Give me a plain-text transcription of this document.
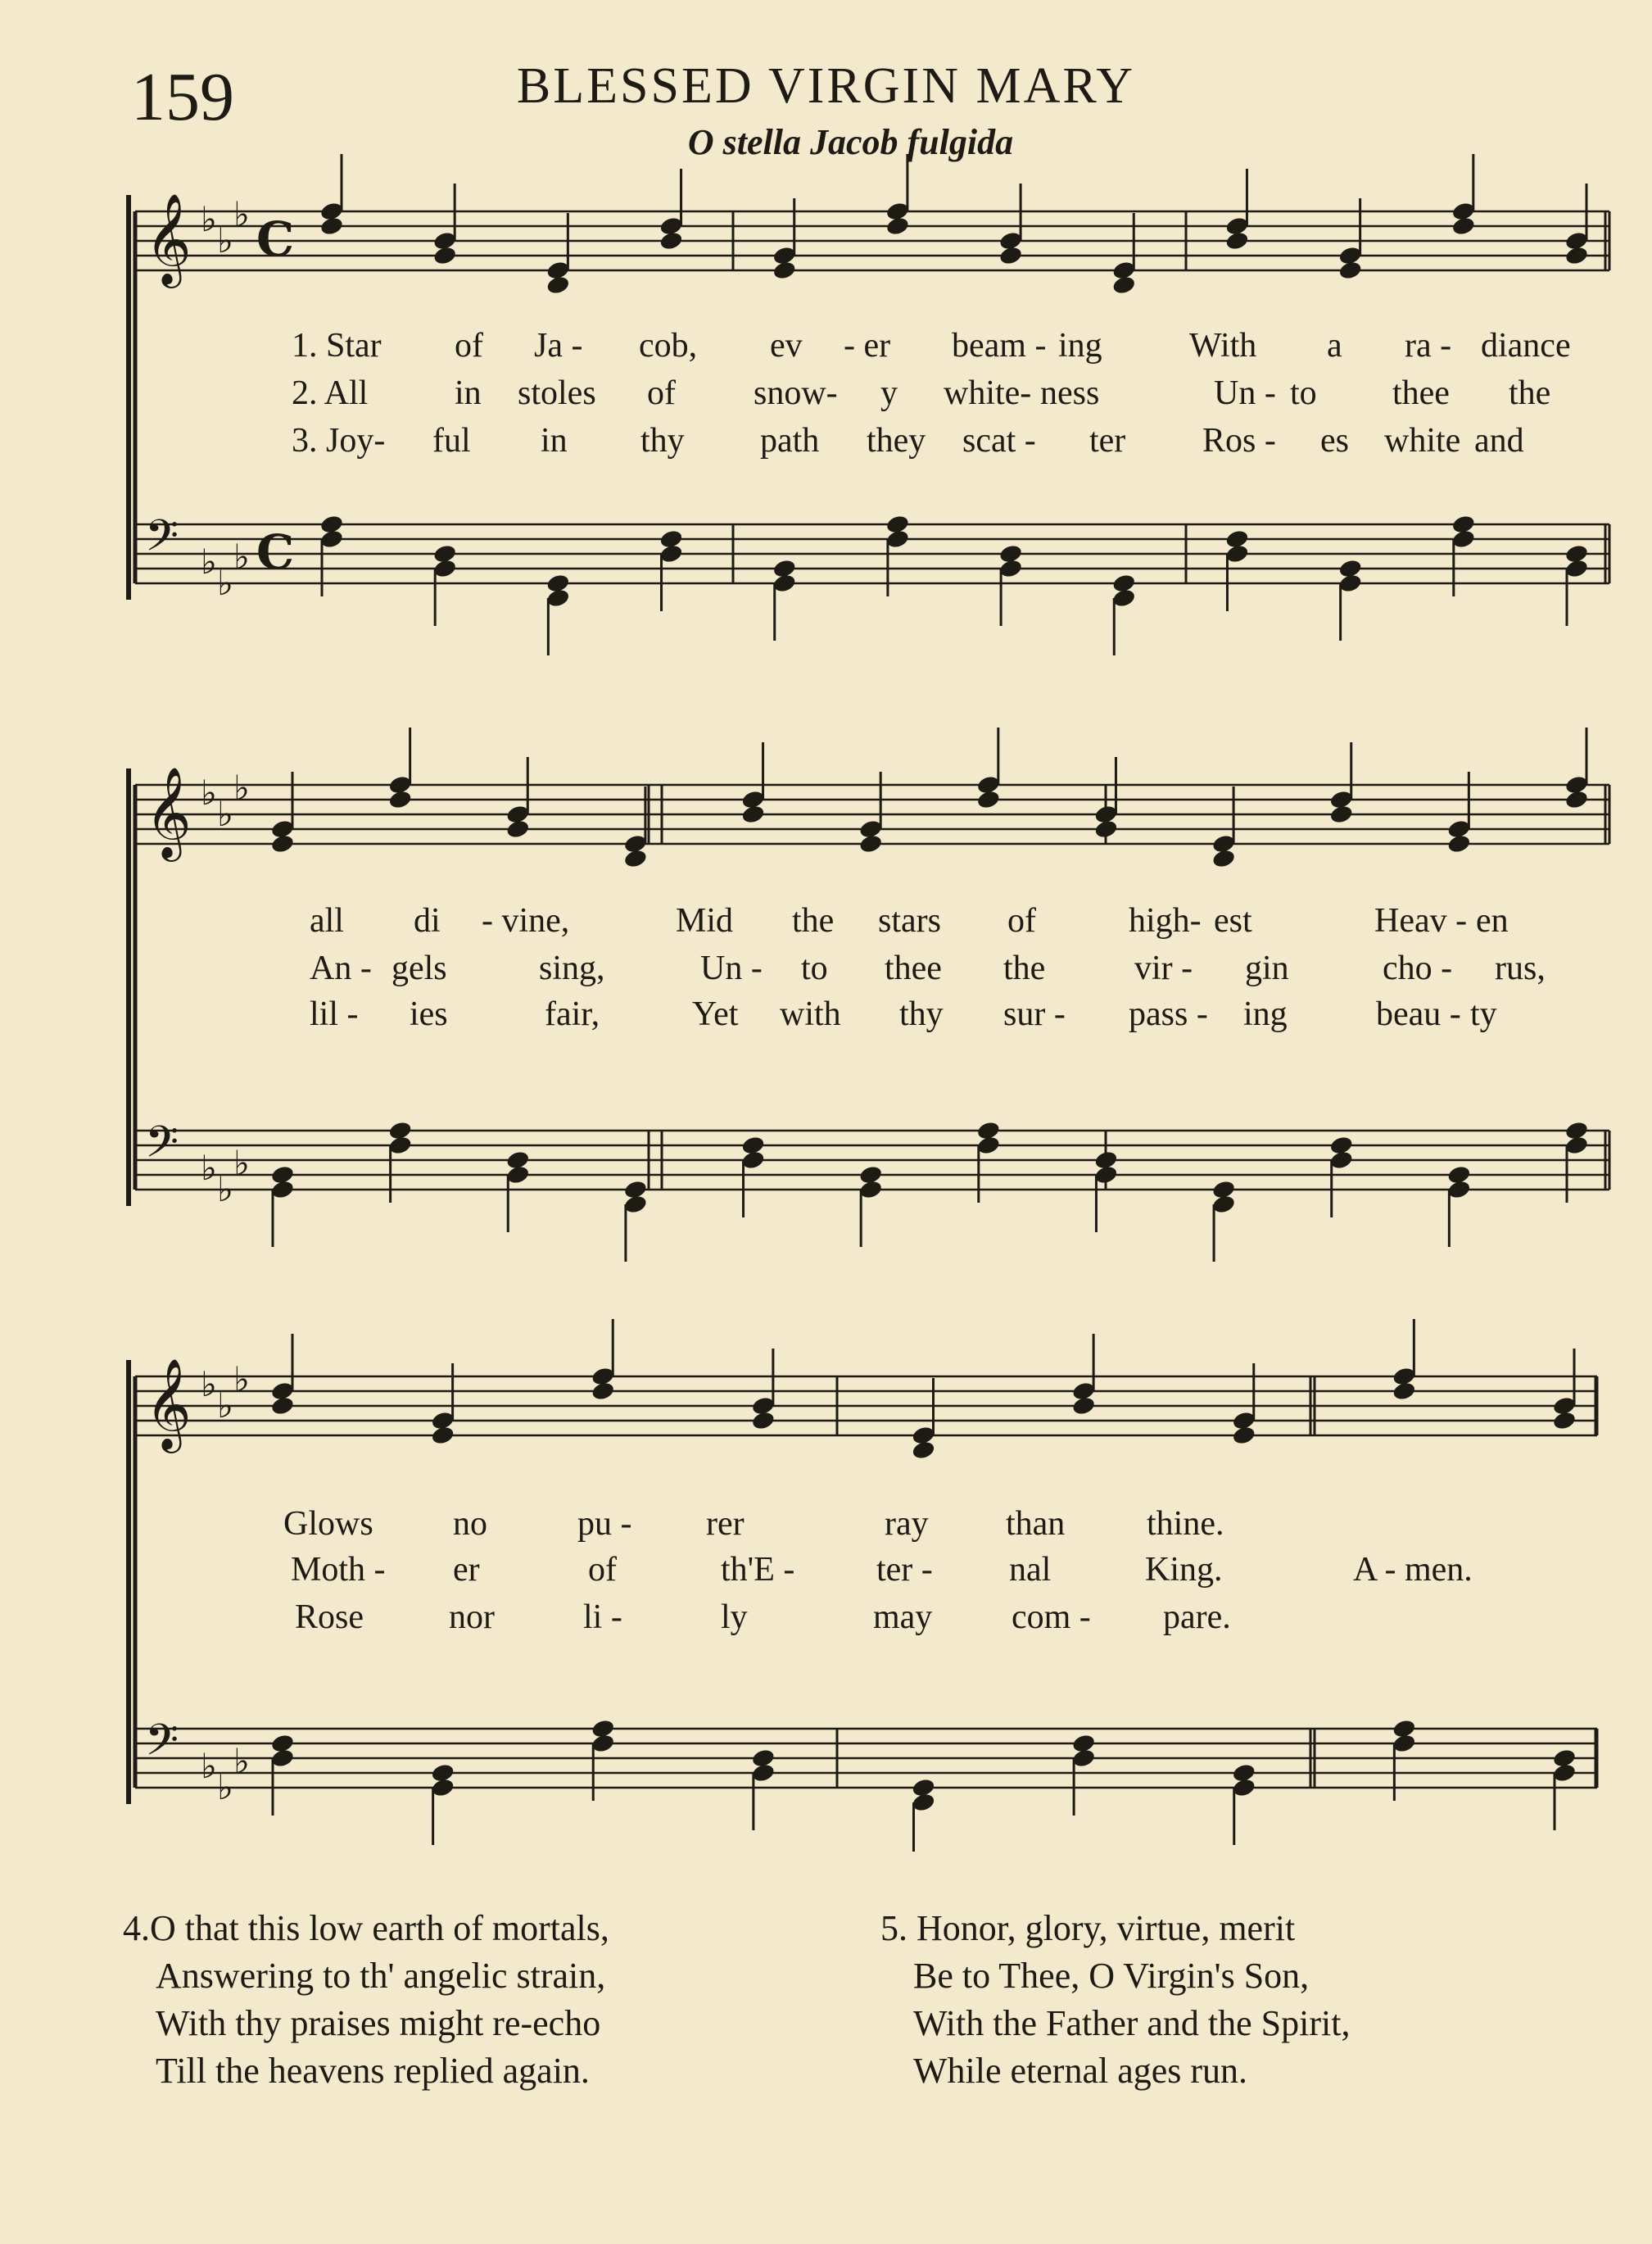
159	BLESSED VIRGIN MARY
O stella Jacob fulgida
𝄞 ♭
♭
♭ C
𝄢 ♭
♭
♭ C
𝄞 ♭
♭
♭
𝄢 ♭
♭
♭
𝄞 ♭
♭
♭
𝄢 ♭
♭
♭

1. Star

of

Ja -

cob,

ev

- er

beam -

ing

	With

a

ra -

diance

2. All

	in

stoles

of

snow-

y

white-

ness

	Un -

to

thee

the

3. Joy-

ful

in

thy

path

they

scat -

ter

Ros -

es

white

and

all

di

- vine,

	Mid

the

stars

of

	high-

est

	Heav -

en

An -

gels

	sing,

	Un -

to

thee

the

	vir -

gin

	cho -

rus,

lil -

ies

	fair,

	Yet

with

thy

sur -

pass -

ing

	beau -

ty

Glows

no

	pu -

rer

	ray

than

thine.

Moth -

er

	of

	th'E -

ter -

nal

	King.

	A - men.

Rose

nor

	li -

	ly

	may

com -

pare.

4.O that this low earth of mortals,
Answering to th' angelic strain,
With thy praises might re-echo
Till the heavens replied again.
5. Honor, glory, virtue, merit
Be to Thee, O Virgin's Son,
With the Father and the Spirit,
While eternal ages run.
